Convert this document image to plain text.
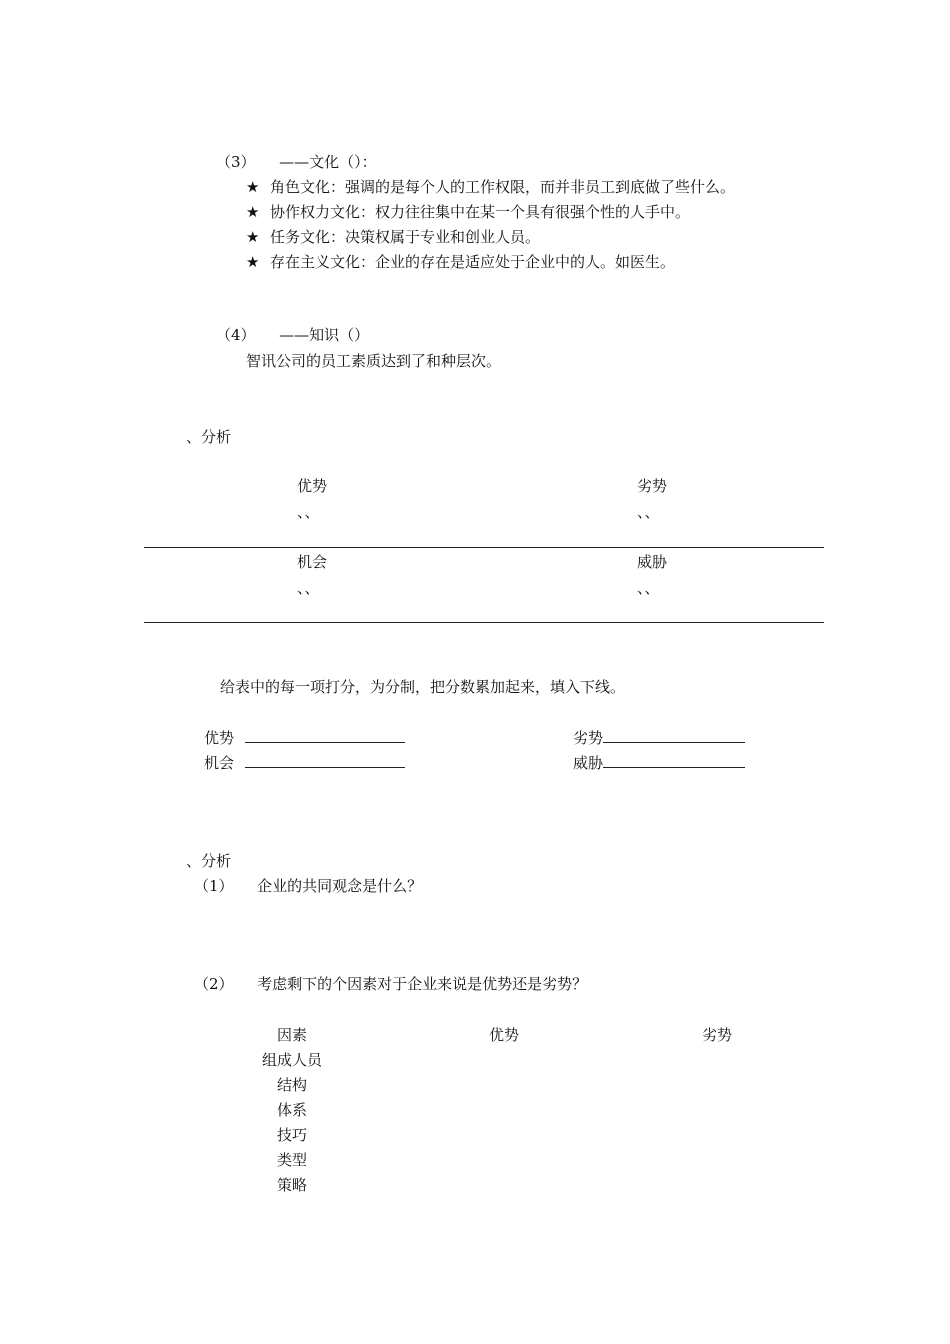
（3） ——文化（）：
★ 角色文化：强调的是每个人的工作权限，而并非员工到底做了些什么。
★ 协作权力文化：权力往往集中在某一个具有很强个性的人手中。
★ 任务文化：决策权属于专业和创业人员。
★ 存在主义文化：企业的存在是适应处于企业中的人。如医生。
（4） ——知识（）
智讯公司的员工素质达到了和种层次。
、分析
优势
、、
劣势
、、
机会
、、
威胁
、、
给表中的每一项打分，为分制，把分数累加起来，填入下线。
优势
机会
劣势
威胁
、分析
（1） 企业的共同观念是什么？
（2） 考虑剩下的个因素对于企业来说是优势还是劣势？
因素	优势	劣势
组成人员
结构
体系
技巧
类型
策略
